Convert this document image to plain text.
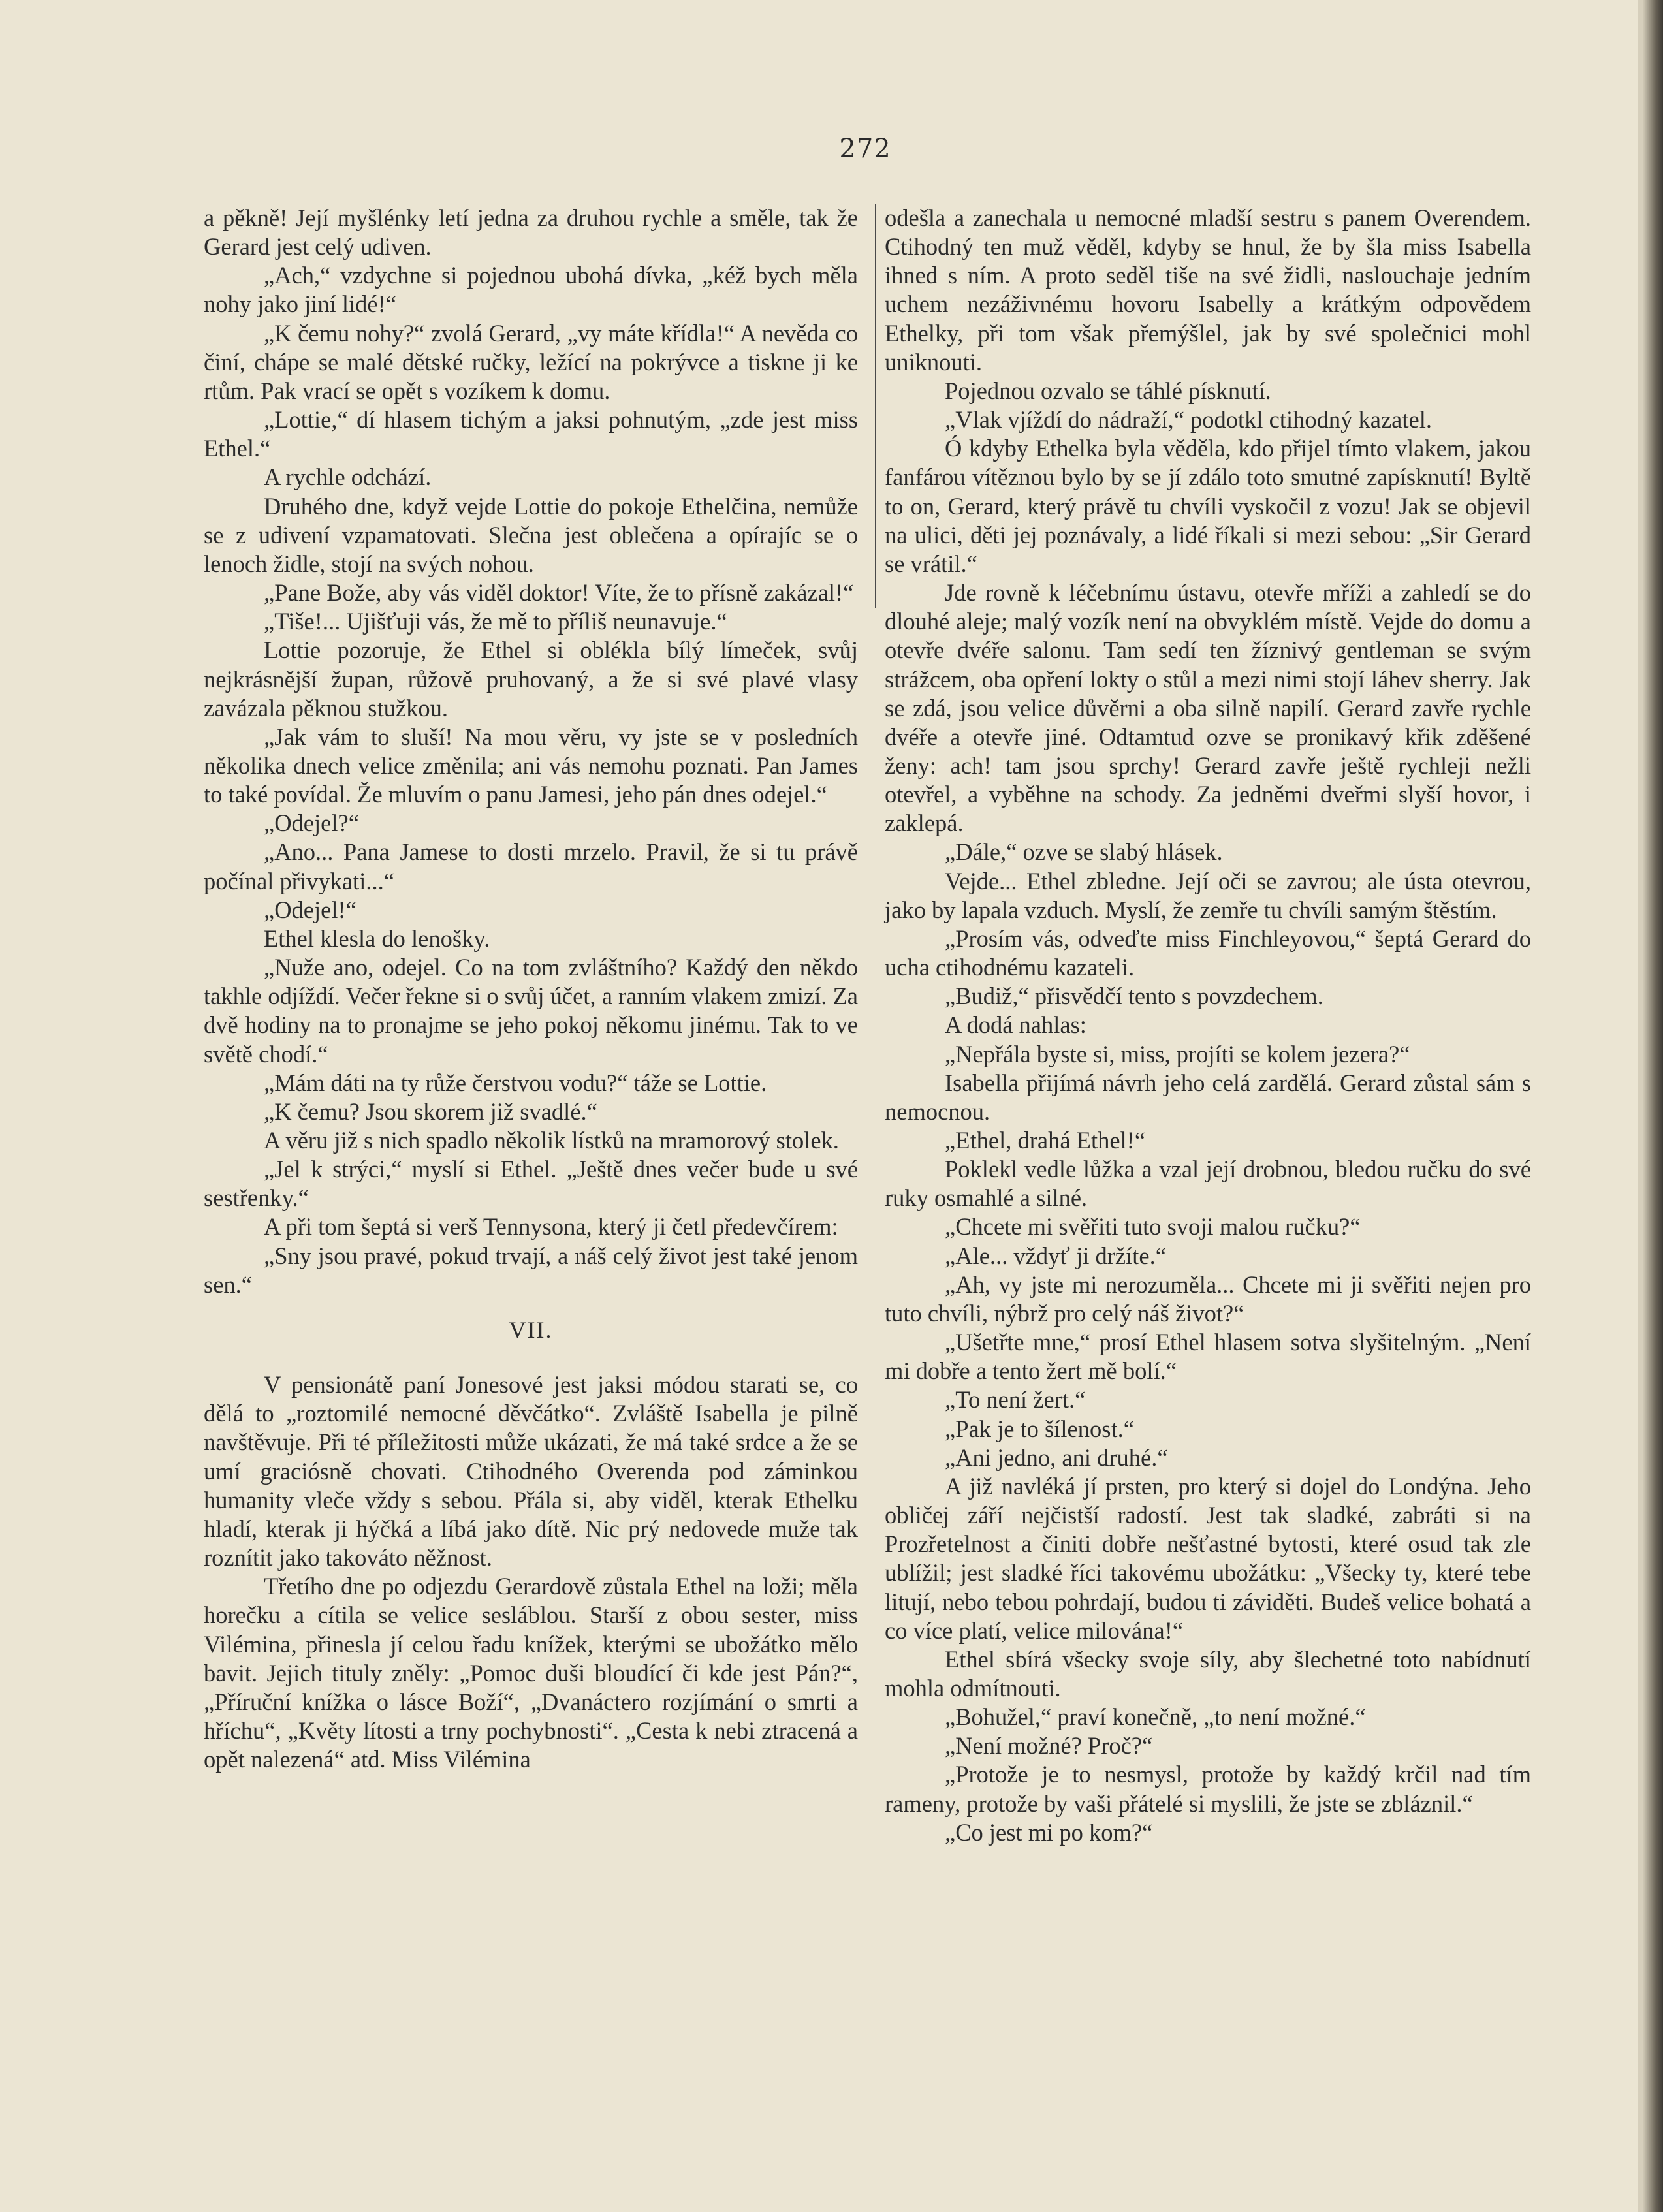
272

a pěkně! Její myšlénky letí jedna za druhou rychle a směle, tak že Gerard jest celý udiven.

„Ach,“ vzdychne si pojednou ubohá dívka, „kéž bych měla nohy jako jiní lidé!“

„K čemu nohy?“ zvolá Gerard, „vy máte křídla!“ A nevěda co činí, chápe se malé dětské ručky, ležící na pokrývce a tiskne ji ke rtům. Pak vrací se opět s vozíkem k domu.

„Lottie,“ dí hlasem tichým a jaksi pohnutým, „zde jest miss Ethel.“

A rychle odchází.

Druhého dne, když vejde Lottie do pokoje Ethelčina, nemůže se z udivení vzpamatovati. Slečna jest oblečena a opírajíc se o lenoch židle, stojí na svých nohou.

„Pane Bože, aby vás viděl doktor! Víte, že to přísně zakázal!“

„Tiše!... Ujišťuji vás, že mě to příliš neunavuje.“

Lottie pozoruje, že Ethel si oblékla bílý límeček, svůj nejkrásnější župan, růžově pruhovaný, a že si své plavé vlasy zavázala pěknou stužkou.

„Jak vám to sluší! Na mou věru, vy jste se v posledních několika dnech velice změnila; ani vás nemohu poznati. Pan James to také povídal. Že mluvím o panu Jamesi, jeho pán dnes odejel.“

„Odejel?“

„Ano... Pana Jamese to dosti mrzelo. Pravil, že si tu právě počínal přivykati...“

„Odejel!“

Ethel klesla do lenošky.

„Nuže ano, odejel. Co na tom zvláštního? Každý den někdo takhle odjíždí. Večer řekne si o svůj účet, a ranním vlakem zmizí. Za dvě hodiny na to pronajme se jeho pokoj někomu jinému. Tak to ve světě chodí.“

„Mám dáti na ty růže čerstvou vodu?“ táže se Lottie.

„K čemu? Jsou skorem již svadlé.“

A věru již s nich spadlo několik lístků na mramorový stolek.

„Jel k strýci,“ myslí si Ethel. „Ještě dnes večer bude u své sestřenky.“

A při tom šeptá si verš Tennysona, který ji četl předevčírem:

„Sny jsou pravé, pokud trvají, a náš celý život jest také jenom sen.“

VII.

V pensionátě paní Jonesové jest jaksi módou starati se, co dělá to „roztomilé nemocné děvčátko“. Zvláště Isabella je pilně navštěvuje. Při té příležitosti může ukázati, že má také srdce a že se umí graciósně chovati. Ctihodného Overenda pod záminkou humanity vleče vždy s sebou. Přála si, aby viděl, kterak Ethelku hladí, kterak ji hýčká a líbá jako dítě. Nic prý nedovede muže tak roznítit jako takováto něžnost.

Třetího dne po odjezdu Gerardově zůstala Ethel na loži; měla horečku a cítila se velice sesláblou. Starší z obou sester, miss Vilémina, přinesla jí celou řadu knížek, kterými se ubožátko mělo bavit. Jejich tituly zněly: „Pomoc duši bloudící či kde jest Pán?“, „Příruční knížka o lásce Boží“, „Dvanáctero rozjímání o smrti a hříchu“, „Květy lítosti a trny pochybnosti“. „Cesta k nebi ztracená a opět nalezená“ atd. Miss Vilémina

odešla a zanechala u nemocné mladší sestru s panem Overendem. Ctihodný ten muž věděl, kdyby se hnul, že by šla miss Isabella ihned s ním. A proto seděl tiše na své židli, naslouchaje jedním uchem nezáživnému hovoru Isabelly a krátkým odpovědem Ethelky, při tom však přemýšlel, jak by své společnici mohl uniknouti.

Pojednou ozvalo se táhlé písknutí.

„Vlak vjíždí do nádraží,“ podotkl ctihodný kazatel.

Ó kdyby Ethelka byla věděla, kdo přijel tímto vlakem, jakou fanfárou vítěznou bylo by se jí zdálo toto smutné zapísknutí! Byltě to on, Gerard, který právě tu chvíli vyskočil z vozu! Jak se objevil na ulici, děti jej poznávaly, a lidé říkali si mezi sebou: „Sir Gerard se vrátil.“

Jde rovně k léčebnímu ústavu, otevře mříži a zahledí se do dlouhé aleje; malý vozík není na obvyklém místě. Vejde do domu a otevře dvéře salonu. Tam sedí ten žíznivý gentleman se svým strážcem, oba opření lokty o stůl a mezi nimi stojí láhev sherry. Jak se zdá, jsou velice důvěrni a oba silně napilí. Gerard zavře rychle dvéře a otevře jiné. Odtamtud ozve se pronikavý křik zděšené ženy: ach! tam jsou sprchy! Gerard zavře ještě rychleji nežli otevřel, a vyběhne na schody. Za jedněmi dveřmi slyší hovor, i zaklepá.

„Dále,“ ozve se slabý hlásek.

Vejde... Ethel zbledne. Její oči se zavrou; ale ústa otevrou, jako by lapala vzduch. Myslí, že zemře tu chvíli samým štěstím.

„Prosím vás, odveďte miss Finchleyovou,“ šeptá Gerard do ucha ctihodnému kazateli.

„Budiž,“ přisvědčí tento s povzdechem.

A dodá nahlas:

„Nepřála byste si, miss, projíti se kolem jezera?“

Isabella přijímá návrh jeho celá zardělá. Gerard zůstal sám s nemocnou.

„Ethel, drahá Ethel!“

Poklekl vedle lůžka a vzal její drobnou, bledou ručku do své ruky osmahlé a silné.

„Chcete mi svěřiti tuto svoji malou ručku?“

„Ale... vždyť ji držíte.“

„Ah, vy jste mi nerozuměla... Chcete mi ji svěřiti nejen pro tuto chvíli, nýbrž pro celý náš život?“

„Ušetřte mne,“ prosí Ethel hlasem sotva slyšitelným. „Není mi dobře a tento žert mě bolí.“

„To není žert.“

„Pak je to šílenost.“

„Ani jedno, ani druhé.“

A již navléká jí prsten, pro který si dojel do Londýna. Jeho obličej září nejčistší radostí. Jest tak sladké, zabráti si na Prozřetelnost a činiti dobře nešťastné bytosti, které osud tak zle ublížil; jest sladké říci takovému ubožátku: „Všecky ty, které tebe litují, nebo tebou pohrdají, budou ti záviděti. Budeš velice bohatá a co více platí, velice milována!“

Ethel sbírá všecky svoje síly, aby šlechetné toto nabídnutí mohla odmítnouti.

„Bohužel,“ praví konečně, „to není možné.“

„Není možné? Proč?“

„Protože je to nesmysl, protože by každý krčil nad tím rameny, protože by vaši přátelé si myslili, že jste se zbláznil.“

„Co jest mi po kom?“
